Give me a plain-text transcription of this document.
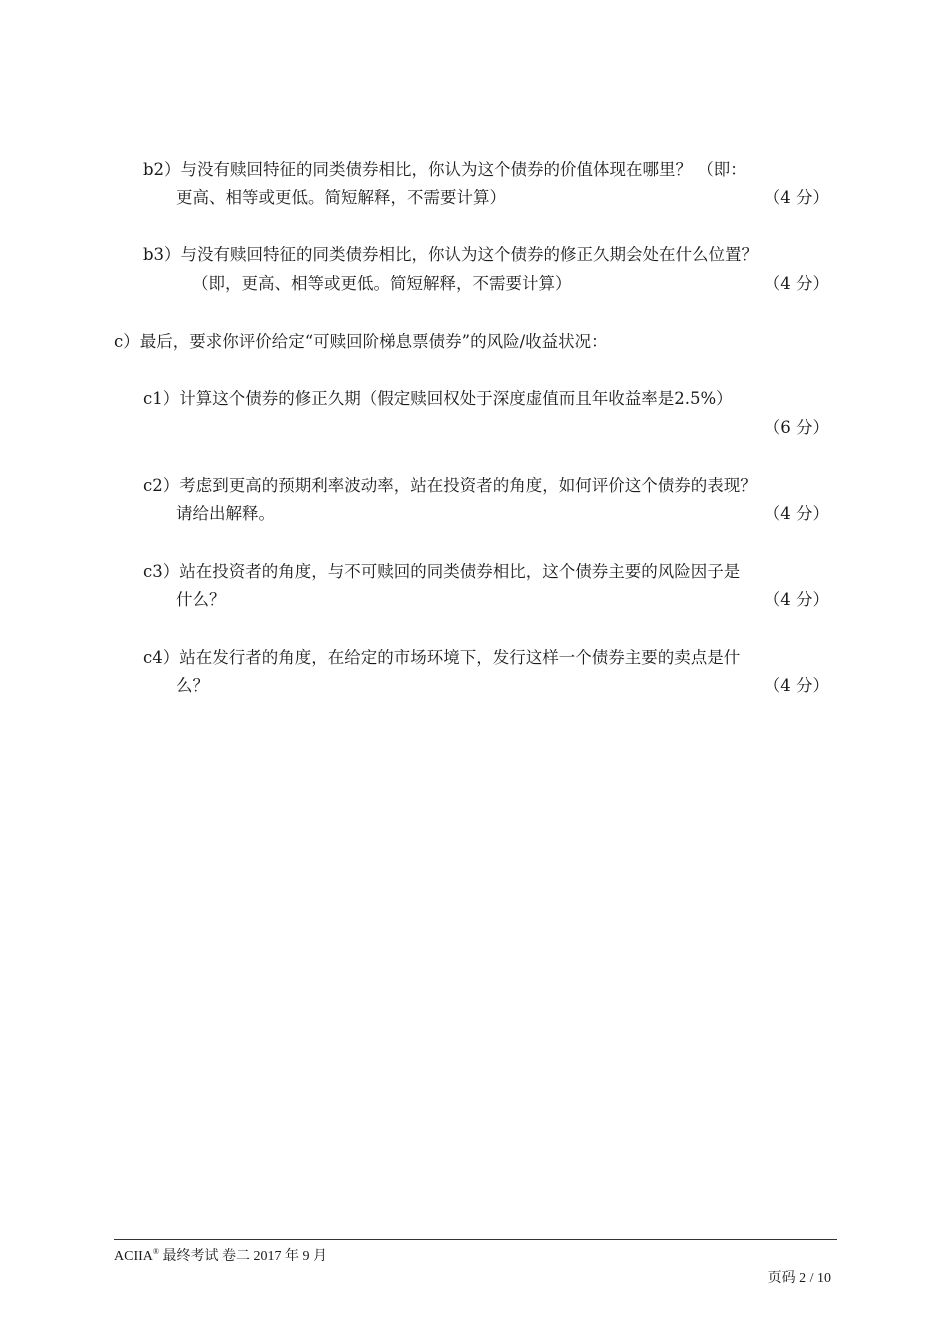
b2）与没有赎回特征的同类债券相比，你认为这个债券的价值体现在哪里？ （即：
更高、相等或更低。简短解释，不需要计算）	（4 分）
b3）与没有赎回特征的同类债券相比，你认为这个债券的修正久期会处在什么位置？
（即，更高、相等或更低。简短解释，不需要计算）	（4 分）
c）最后，要求你评价给定“可赎回阶梯息票债券”的风险/收益状况：
c1）计算这个债券的修正久期（假定赎回权处于深度虚值而且年收益率是2.5%）
（6 分）
c2）考虑到更高的预期利率波动率，站在投资者的角度，如何评价这个债券的表现？
请给出解释。	（4 分）
c3）站在投资者的角度，与不可赎回的同类债券相比，这个债券主要的风险因子是
什么？	（4 分）
c4）站在发行者的角度，在给定的市场环境下，发行这样一个债券主要的卖点是什
么？	（4 分）
ACIIA® 最终考试 卷二 2017 年 9 月
页码 2 / 10
